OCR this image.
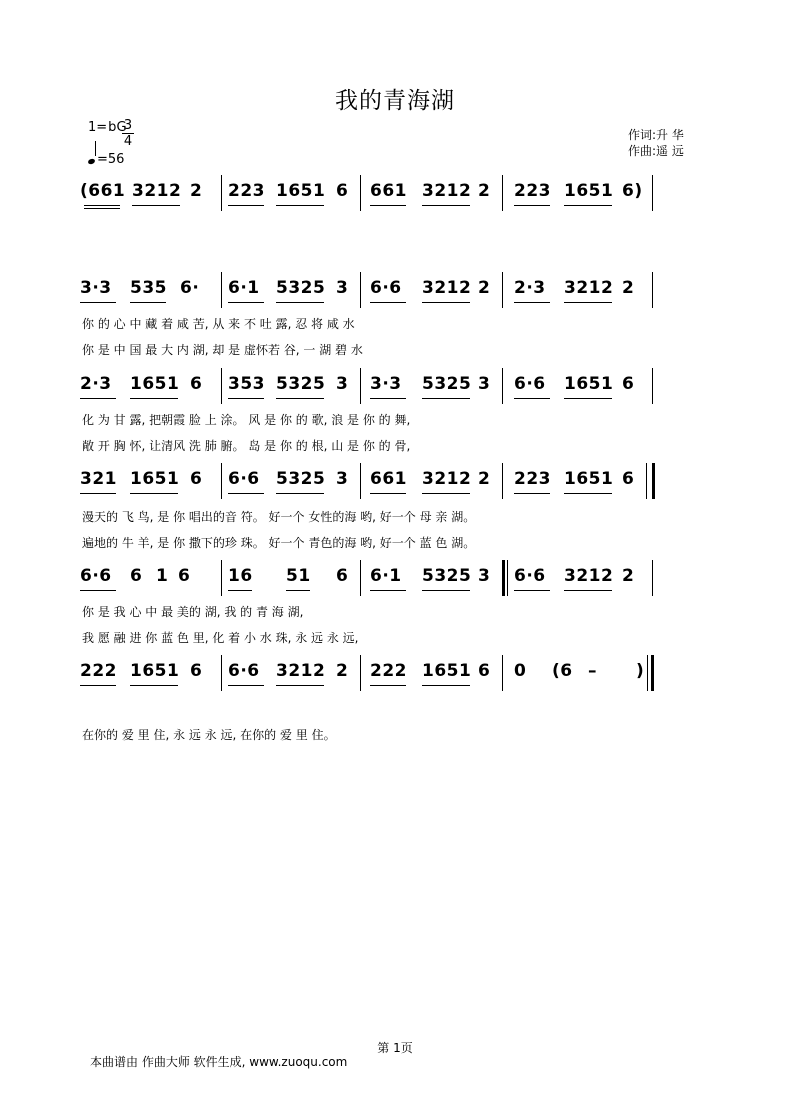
我的青海湖
1=bG
3
4
=56
作词:升 华
作曲:遥 远
(661 3212 2 223 1651 6 661 3212 2 223 1651 6)
3·3 535 6· 6·1 5325 3 6·6 3212 2 2·3 3212 2
你 的 心 中 藏 着 咸 苦, 从 来 不 吐 露, 忍 将 咸 水
你 是 中 国 最 大 内 湖, 却 是 虚怀若 谷, 一 湖 碧 水
2·3 1651 6 353 5325 3 3·3 5325 3 6·6 1651 6
化 为 甘 露, 把朝霞 脸 上 涂。 风 是 你 的 歌, 浪 是 你 的 舞,
敞 开 胸 怀, 让清风 洗 肺 腑。 岛 是 你 的 根, 山 是 你 的 骨,
321 1651 6 6·6 5325 3 661 3212 2 223 1651 6
漫天的 飞 鸟, 是 你 唱出的音 符。 好一个 女性的海 哟, 好一个 母 亲 湖。
遍地的 牛 羊, 是 你 撒下的珍 珠。 好一个 青色的海 哟, 好一个 蓝 色 湖。
6·6 6 1 6 16 51 6 6·1 5325 3 6·6 3212 2
你 是 我 心 中 最 美的 湖, 我 的 青 海 湖,
我 愿 融 进 你 蓝 色 里, 化 着 小 水 珠, 永 远 永 远,
222 1651 6 6·6 3212 2 222 1651 6 0 (6 – )
在你的 爱 里 住, 永 远 永 远, 在你的 爱 里 住。
第 1页
本曲谱由 作曲大师 软件生成, www.zuoqu.com
